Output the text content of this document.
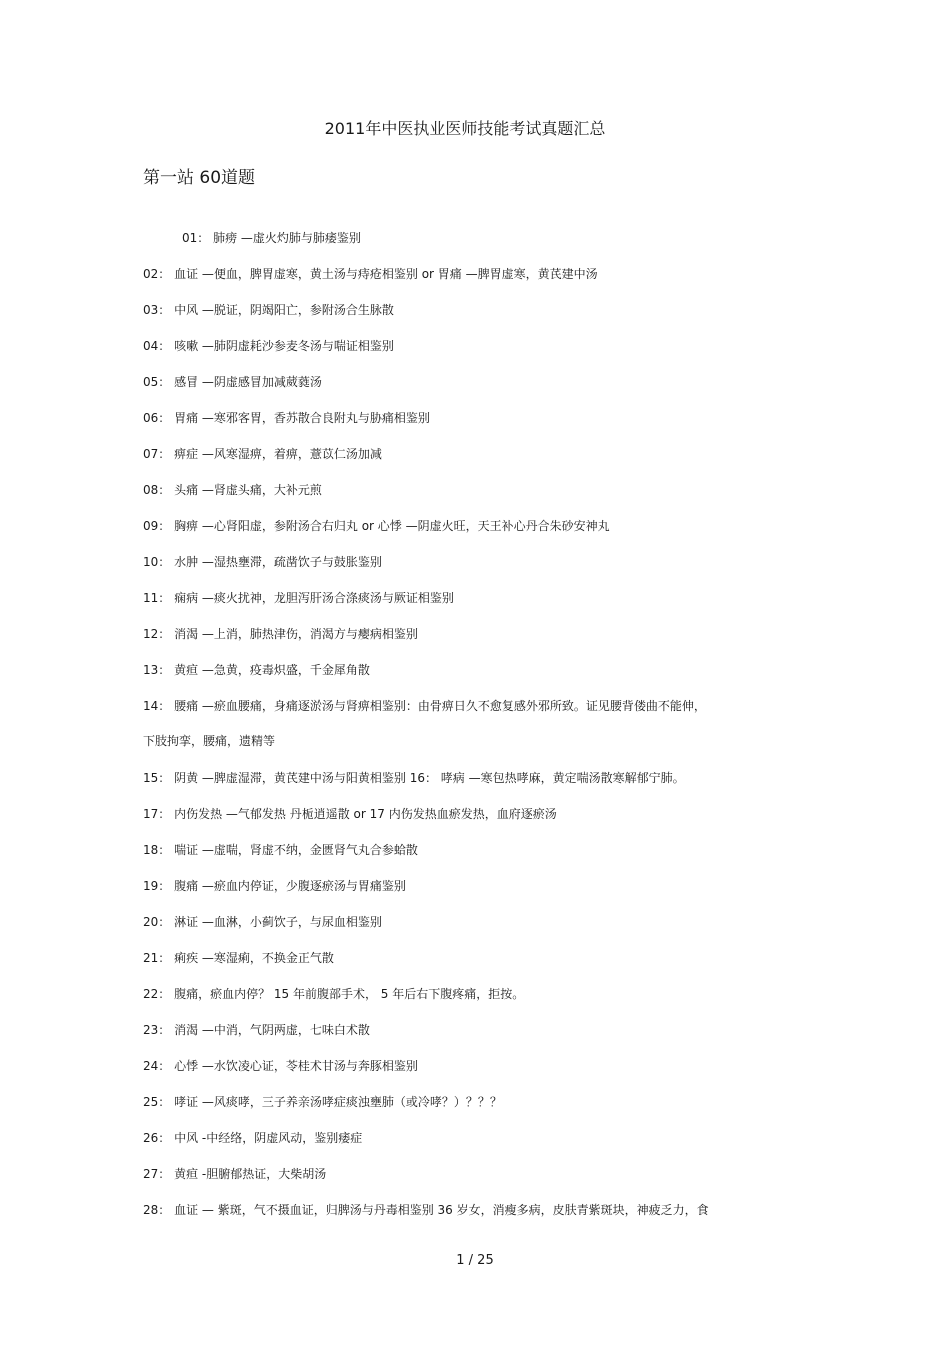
2011年中医执业医师技能考试真题汇总
第一站 60道题
01： 肺痨 —虚火灼肺与肺痿鉴别
02： 血证 —便血，脾胃虚寒，黄土汤与痔疮相鉴别 or 胃痛 —脾胃虚寒，黄芪建中汤
03： 中风 —脱证，阴竭阳亡，参附汤合生脉散
04： 咳嗽 —肺阴虚耗沙参麦冬汤与喘证相鉴别
05： 感冒 —阴虚感冒加减葳蕤汤
06： 胃痛 —寒邪客胃，香苏散合良附丸与胁痛相鉴别
07： 痹症 —风寒湿痹，着痹，薏苡仁汤加减
08： 头痛 —肾虚头痛，大补元煎
09： 胸痹 —心肾阳虚，参附汤合右归丸 or 心悸 —阴虚火旺，天王补心丹合朱砂安神丸
10： 水肿 —湿热壅滞，疏凿饮子与鼓胀鉴别
11： 痫病 —痰火扰神，龙胆泻肝汤合涤痰汤与厥证相鉴别
12： 消渴 —上消，肺热津伤，消渴方与瘿病相鉴别
13： 黄疸 —急黄，疫毒炽盛，千金犀角散
14： 腰痛 —瘀血腰痛，身痛逐淤汤与肾痹相鉴别：由骨痹日久不愈复感外邪所致。证见腰背偻曲不能伸，
下肢拘挛，腰痛，遗精等
15： 阴黄 —脾虚湿滞，黄芪建中汤与阳黄相鉴别 16： 哮病 —寒包热哮麻，黄定喘汤散寒解郁宁肺。
17： 内伤发热 —气郁发热 丹栀逍遥散 or 17 内伤发热血瘀发热，血府逐瘀汤
18： 喘证 —虚喘，肾虚不纳，金匮肾气丸合参蛤散
19： 腹痛 —瘀血内停证，少腹逐瘀汤与胃痛鉴别
20： 淋证 —血淋，小蓟饮子，与尿血相鉴别
21： 痢疾 —寒湿痢，不换金正气散
22： 腹痛，瘀血内停？ 15 年前腹部手术， 5 年后右下腹疼痛，拒按。
23： 消渴 —中消，气阴两虚，七味白术散
24： 心悸 —水饮凌心证，苓桂术甘汤与奔豚相鉴别
25： 哮证 —风痰哮，三子养亲汤哮症痰浊壅肺（或冷哮？）？？？
26： 中风 -中经络，阴虚风动，鉴别痿症
27： 黄疸 -胆腑郁热证，大柴胡汤
28： 血证 — 紫斑，气不摄血证，归脾汤与丹毒相鉴别 36 岁女，消瘦多病，皮肤青紫斑块，神疲乏力，食
1 / 25
